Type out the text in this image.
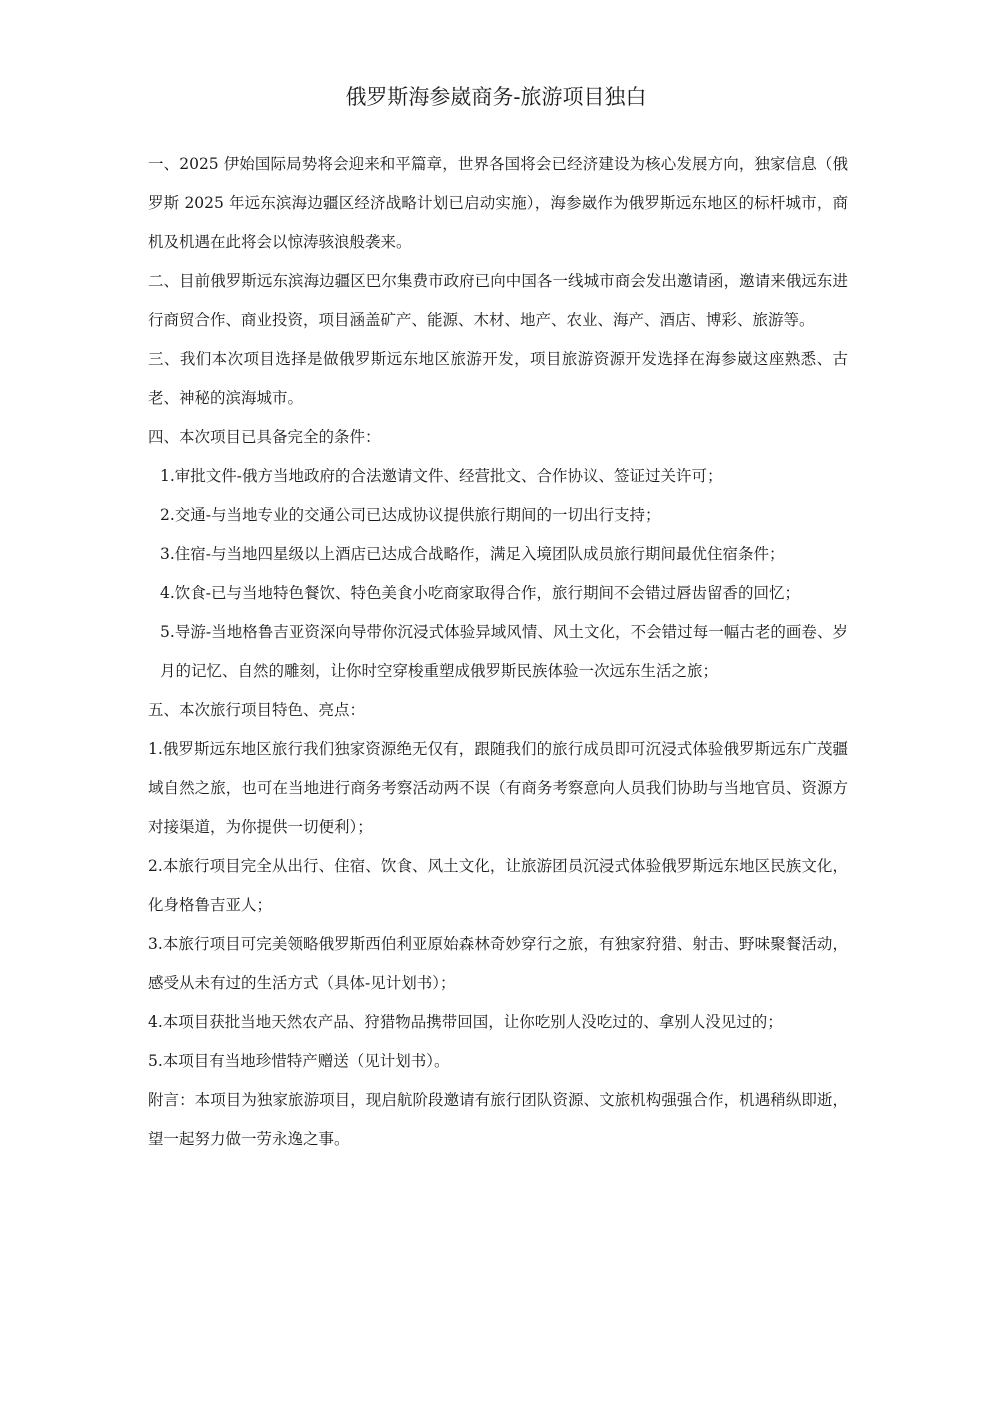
俄罗斯海参崴商务-旅游项目独白

一、2025 伊始国际局势将会迎来和平篇章，世界各国将会已经济建设为核心发展方向，独家信息（俄罗斯 2025 年远东滨海边疆区经济战略计划已启动实施），海参崴作为俄罗斯远东地区的标杆城市，商机及机遇在此将会以惊涛骇浪般袭来。

二、目前俄罗斯远东滨海边疆区巴尔集费市政府已向中国各一线城市商会发出邀请函，邀请来俄远东进行商贸合作、商业投资，项目涵盖矿产、能源、木材、地产、农业、海产、酒店、博彩、旅游等。

三、我们本次项目选择是做俄罗斯远东地区旅游开发，项目旅游资源开发选择在海参崴这座熟悉、古老、神秘的滨海城市。

四、本次项目已具备完全的条件：

1.审批文件-俄方当地政府的合法邀请文件、经营批文、合作协议、签证过关许可；

2.交通-与当地专业的交通公司已达成协议提供旅行期间的一切出行支持；

3.住宿-与当地四星级以上酒店已达成合战略作，满足入境团队成员旅行期间最优住宿条件；

4.饮食-已与当地特色餐饮、特色美食小吃商家取得合作，旅行期间不会错过唇齿留香的回忆；

5.导游-当地格鲁吉亚资深向导带你沉浸式体验异域风情、风土文化，不会错过每一幅古老的画卷、岁月的记忆、自然的雕刻，让你时空穿梭重塑成俄罗斯民族体验一次远东生活之旅；

五、本次旅行项目特色、亮点：

1.俄罗斯远东地区旅行我们独家资源绝无仅有，跟随我们的旅行成员即可沉浸式体验俄罗斯远东广茂疆域自然之旅，也可在当地进行商务考察活动两不误（有商务考察意向人员我们协助与当地官员、资源方对接渠道，为你提供一切便利）；

2.本旅行项目完全从出行、住宿、饮食、风土文化，让旅游团员沉浸式体验俄罗斯远东地区民族文化，化身格鲁吉亚人；

3.本旅行项目可完美领略俄罗斯西伯利亚原始森林奇妙穿行之旅，有独家狩猎、射击、野味聚餐活动，感受从未有过的生活方式（具体-见计划书）；

4.本项目获批当地天然农产品、狩猎物品携带回国，让你吃别人没吃过的、拿别人没见过的；

5.本项目有当地珍惜特产赠送（见计划书）。

附言：本项目为独家旅游项目，现启航阶段邀请有旅行团队资源、文旅机构强强合作，机遇稍纵即逝，望一起努力做一劳永逸之事。
